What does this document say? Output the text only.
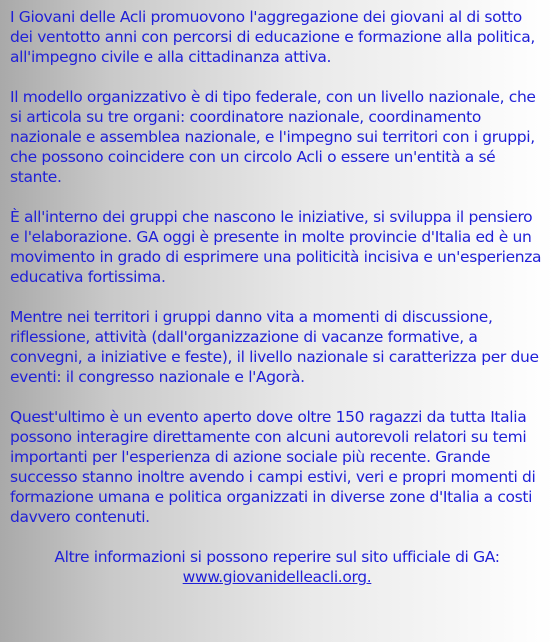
I Giovani delle Acli promuovono l'aggregazione dei giovani al di sotto dei ventotto anni con percorsi di educazione e formazione alla politica, all'impegno civile e alla cittadinanza attiva.

Il modello organizzativo è di tipo federale, con un livello nazionale, che si articola su tre organi: coordinatore nazionale, coordinamento nazionale e assemblea nazionale, e l'impegno sui territori con i gruppi, che possono coincidere con un circolo Acli o essere un'entità a sé stante.

È all'interno dei gruppi che nascono le iniziative, si sviluppa il pensiero e l'elaborazione. GA oggi è presente in molte provincie d'Italia ed è un movimento in grado di esprimere una politicità incisiva e un'esperienza educativa fortissima.

Mentre nei territori i gruppi danno vita a momenti di discussione, riflessione, attività (dall'organizzazione di vacanze formative, a convegni, a iniziative e feste), il livello nazionale si caratterizza per due eventi: il congresso nazionale e l'Agorà.

Quest'ultimo è un evento aperto dove oltre 150 ragazzi da tutta Italia possono interagire direttamente con alcuni autorevoli relatori su temi importanti per l'esperienza di azione sociale più recente. Grande successo stanno inoltre avendo i campi estivi, veri e propri momenti di formazione umana e politica organizzati in diverse zone d'Italia a costi davvero contenuti.

Altre informazioni si possono reperire sul sito ufficiale di GA:
www.giovanidelleacli.org.
